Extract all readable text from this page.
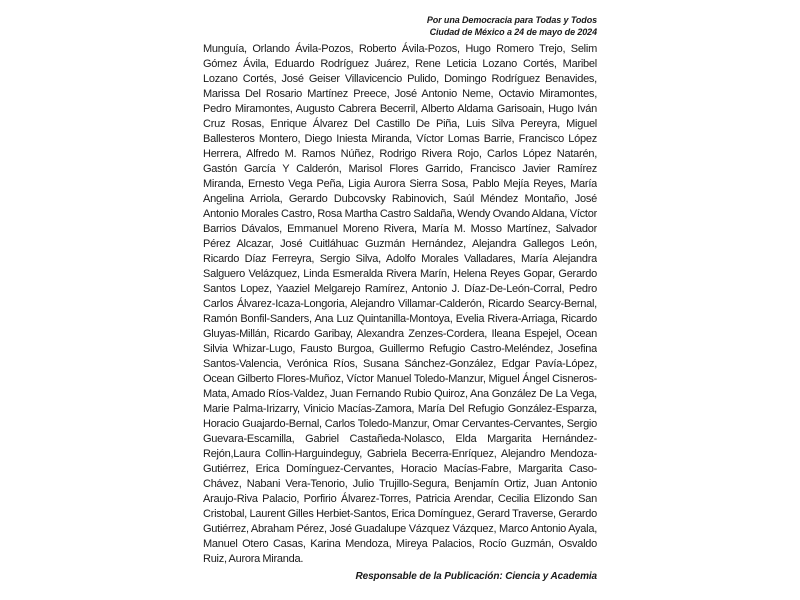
Por una Democracia para Todas y Todos
Ciudad de México a 24 de mayo de 2024
Munguía, Orlando Ávila-Pozos, Roberto Ávila-Pozos, Hugo Romero Trejo, Selim Gómez Ávila, Eduardo Rodríguez Juárez, Rene Leticia Lozano Cortés, Maribel Lozano Cortés, José Geiser Villavicencio Pulido, Domingo Rodríguez Benavides, Marissa Del Rosario Martínez Preece, José Antonio Neme, Octavio Miramontes, Pedro Miramontes, Augusto Cabrera Becerril, Alberto Aldama Garisoain, Hugo Iván Cruz Rosas, Enrique Álvarez Del Castillo De Piña, Luis Silva Pereyra, Miguel Ballesteros Montero, Diego Iniesta Miranda, Víctor Lomas Barrie, Francisco López Herrera, Alfredo M. Ramos Núñez, Rodrigo Rivera Rojo, Carlos López Natarén, Gastón García Y Calderón, Marisol Flores Garrido, Francisco Javier Ramírez Miranda, Ernesto Vega Peña, Ligia Aurora Sierra Sosa, Pablo Mejía Reyes, María Angelina Arriola, Gerardo Dubcovsky Rabinovich, Saúl Méndez Montaño, José Antonio Morales Castro, Rosa Martha Castro Saldaña, Wendy Ovando Aldana, Víctor Barrios Dávalos, Emmanuel Moreno Rivera, María M. Mosso Martínez, Salvador Pérez Alcazar, José Cuitláhuac Guzmán Hernández, Alejandra Gallegos León, Ricardo Díaz Ferreyra, Sergio Silva, Adolfo Morales Valladares, María Alejandra Salguero Velázquez, Linda Esmeralda Rivera Marín, Helena Reyes Gopar, Gerardo Santos Lopez, Yaaziel Melgarejo Ramírez, Antonio J. Díaz-De-León-Corral, Pedro Carlos Álvarez-Icaza-Longoria, Alejandro Villamar-Calderón, Ricardo Searcy-Bernal, Ramón Bonfil-Sanders, Ana Luz Quintanilla-Montoya, Evelia Rivera-Arriaga, Ricardo Gluyas-Millán, Ricardo Garibay, Alexandra Zenzes-Cordera, Ileana Espejel, Ocean Silvia Whizar-Lugo, Fausto Burgoa, Guillermo Refugio Castro-Meléndez, Josefina Santos-Valencia, Verónica Ríos, Susana Sánchez-González, Edgar Pavía-López, Ocean Gilberto Flores-Muñoz, Víctor Manuel Toledo-Manzur, Miguel Ángel Cisneros-Mata, Amado Ríos-Valdez, Juan Fernando Rubio Quiroz, Ana González De La Vega, Marie Palma-Irizarry, Vinicio Macías-Zamora, María Del Refugio González-Esparza, Horacio Guajardo-Bernal, Carlos Toledo-Manzur, Omar Cervantes-Cervantes, Sergio Guevara-Escamilla, Gabriel Castañeda-Nolasco, Elda Margarita Hernández-Rejón,Laura Collin-Harguindeguy, Gabriela Becerra-Enríquez, Alejandro Mendoza-Gutiérrez, Erica Domínguez-Cervantes, Horacio Macías-Fabre, Margarita Caso-Chávez, Nabani Vera-Tenorio, Julio Trujillo-Segura, Benjamín Ortiz, Juan Antonio Araujo-Riva Palacio, Porfirio Álvarez-Torres, Patricia Arendar, Cecilia Elizondo San Cristobal, Laurent Gilles Herbiet-Santos, Erica Domínguez, Gerard Traverse, Gerardo Gutiérrez, Abraham Pérez, José Guadalupe Vázquez Vázquez, Marco Antonio Ayala, Manuel Otero Casas, Karina Mendoza, Mireya Palacios, Rocío Guzmán, Osvaldo Ruiz, Aurora Miranda.
Responsable de la Publicación: Ciencia y Academia
